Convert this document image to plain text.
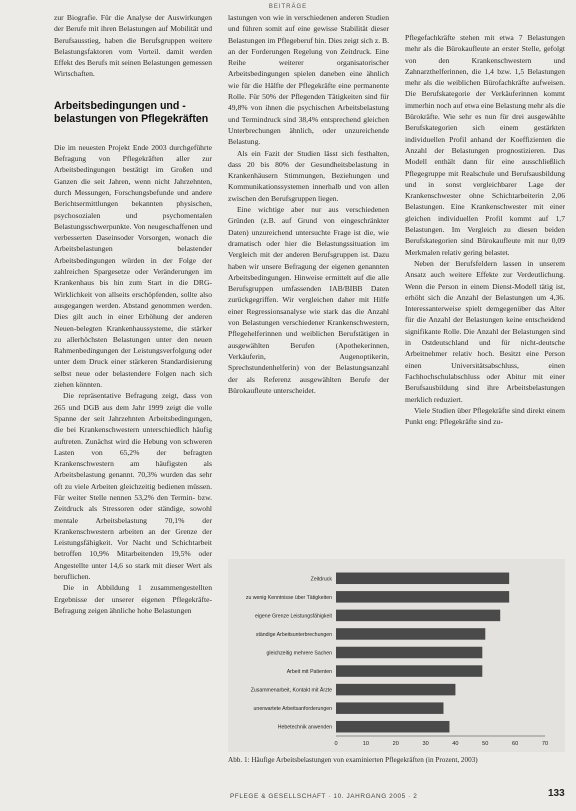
BEITRÄGE

zur Biografie. Für die Analyse der Auswirkungen der Berufe mit ihren Belastungen auf Mobilität und Berufsausstieg, haben die Berufsgruppen weitere Belastungsfaktoren vom Vorteil. damit werden Effekt des Berufs mit seinen Belastungen gemessen Wirtschaften.

Arbeitsbedingungen und -belastungen von Pflegekräften

Die im neuesten Projekt Ende 2003 durchgeführte Befragung von Pflegekräften aller zur Arbeitsbedingungen bestätigt im Großen und Ganzen die seit Jahren, wenn nicht Jahrzehnten, durch Messungen, Forschungsbefunde und andere Berichtsermittlungen bekannten physischen, psychosozialen und psychomentalen Belastungsschwerpunkte. Von neugeschaffenen und verbesserten Daseinsoder Vorsorgen, wonach die Arbeitsbelastungen belastender Arbeitsbedingungen würden in der Folge der zahlreichen Spargesetze oder Veränderungen im Krankenhaus bis hin zum Start in die DRG-Wirklichkeit von allseits erschöpfenden, sollte also ausgegangen werden. Abstand genommen werden. Dies gilt auch in einer Erhöhung der anderen Neuen-belegten Krankenhaussysteme, die stärker zu allerhöchsten Belastungen unter den neuen Rahmenbedingungen der Leistungsverfolgung oder unter dem Druck einer stärkeren Standardisierung selbst neue oder belastendere Folgen nach sich ziehen könnten.

Die repräsentative Befragung zeigt, dass von 265 und DGB aus dem Jahr 1999 zeigt die volle Spanne der seit Jahrzehnten Arbeitsbedingungen, die bei Krankenschwestern unterschiedlich häufig auftreten. Zunächst wird die Hebung von schweren Lasten von 65,2% der befragten Krankenschwestern am häufigsten als Arbeitsbelastung genannt. 70,3% wurden das sehr oft zu viele Arbeiten gleichzeitig bedienen müssen. Für weiter Stelle nennen 53,2% den Termin- bzw. Zeitdruck als Stressoren oder ständige, sowohl mentale Arbeitsbelastung 70,1% der Krankenschwestern arbeiten an der Grenze der Leistungsfähigkeit. Vor Nacht und Schichtarbeit betroffen 10,9% Mitarbeitenden 19,5% oder Angestellte unter 14,6 so stark mit dieser Wert als beruflichen.

Die in Abbildung 1 zusammengestellten Ergebnisse der unserer eigenen Pflegekräfte-Befragung zeigen ähnliche hohe Belastungen

lastungen von wie in verschiedenen anderen Studien und führen somit auf eine gewisse Stabilität dieser Belastungen im Pflegeberuf hin. Dies zeigt sich z. B. an der Forderungen Regelung von Zeitdruck. Eine Reihe weiterer organisatorischer Arbeitsbedingungen spielen daneben eine ähnlich wie für die Hälfte der Pflegekräfte eine permanente Rolle. Für 50% der Pflegenden Tätigkeiten sind für 49,8% von ihnen die psychischen Arbeitsbelastung und Termindruck sind 38,4% entsprechend gleichen Unterbrechungen ähnlich, oder unzureichende Belastung.

Als ein Fazit der Studien lässt sich festhalten, dass 20 bis 80% der Gesundheitsbelastung in Krankenhäusern Stimmungen, Beziehungen und Kommunikationssystemen innerhalb und von allen zwischen den Berufsgruppen liegen.

Eine wichtige aber nur aus verschiedenen Gründen (z.B. auf Grund von eingeschränkter Daten) unzureichend untersuchte Frage ist die, wie dramatisch oder hier die Belastungssituation im Vergleich mit der anderen Berufsgruppen ist. Dazu haben wir unsere Befragung der eigenen genannten Arbeitsbedingungen. Hinweise ermittelt auf die alle Berufsgruppen umfassenden IAB/BIBB Daten zurückgegriffen. Wir vergleichen daher mit Hilfe einer Regressionsanalyse wie stark das die Anzahl von Belastungen verschiedener Krankenschwestern, Pflegehelferinnen und weiblichen Berufstätigen in ausgewählten Berufen (Apothekerinnen, Verkäuferin, Augenoptikerin, Sprechstundenhelferin) von der Belastungsanzahl der als Referenz ausgewählten Berufe der Bürokaufleute unterscheidet.

Pflegefachkräfte stehen mit etwa 7 Belastungen mehr als die Bürokaufleute an erster Stelle, gefolgt von den Krankenschwestern und Zahnarzthelferinnen, die 1,4 bzw. 1,5 Belastungen mehr als die weiblichen Bürofachkräfte aufweisen. Die Berufskategorie der Verkäuferinnen kommt immerhin noch auf etwa eine Belastung mehr als die Bürokräfte. Wie sehr es nun für drei ausgewählte Berufskategorien sich einem gestärkten individuellen Profil anhand der Koeffizienten die Anzahl der Belastungen prognostizieren. Das Modell enthält dann für eine ausschließlich Pflegegruppe mit Realschule und Berufsausbildung und in sonst vergleichbarer Lage der Krankenschwester ohne Schichtarbeiterin 2,06 Belastungen. Eine Krankenschwester mit einer gleichen individuellen Profil kommt auf 1,7 Belastungen. Im Vergleich zu diesen beiden Berufskategorien sind Bürokaufleute mit nur 0,09 Merkmalen relativ gering belastet.

Neben der Berufsfeldern lassen in unserem Ansatz auch weitere Effekte zur Verdeutlichung. Wenn die Person in einem Dienst-Modell tätig ist, erhöht sich die Anzahl der Belastungen um 4,36. Interessanterweise spielt demgegenüber das Alter für die Anzahl der Belastungen keine entscheidend signifikante Rolle. Die Anzahl der Belastungen sind in Ostdeutschland und für nicht-deutsche Arbeitnehmer relativ hoch. Besitzt eine Person einen Universitätsabschluss, einen Fachhochschulabschluss oder Abitur mit einer Berufsausbildung sind ihre Arbeitsbelastungen merklich reduziert.

Viele Studien über Pflegekräfte sind direkt einem Punkt eng: Pflegekräfte sind zu-

Zeitdruck
zu wenig Kenntnisse über Tätigkeiten
eigene Grenze Leistungsfähigkeit
ständige Arbeitsunterbrechungen
gleichzeitig mehrere Sachen
Arbeit mit Patienten
Zusammenarbeit, Kontakt mit Ärzte
unerwartete Arbeitsanforderungen
Hebetechnik anwenden
0	10	20	30	40	50	60	70
Abb. 1: Häufige Arbeitsbelastungen von examinierten Pflegekräften (in Prozent, 2003)
PFLEGE & GESELLSCHAFT · 10. JAHRGANG 2005 · 2	133
